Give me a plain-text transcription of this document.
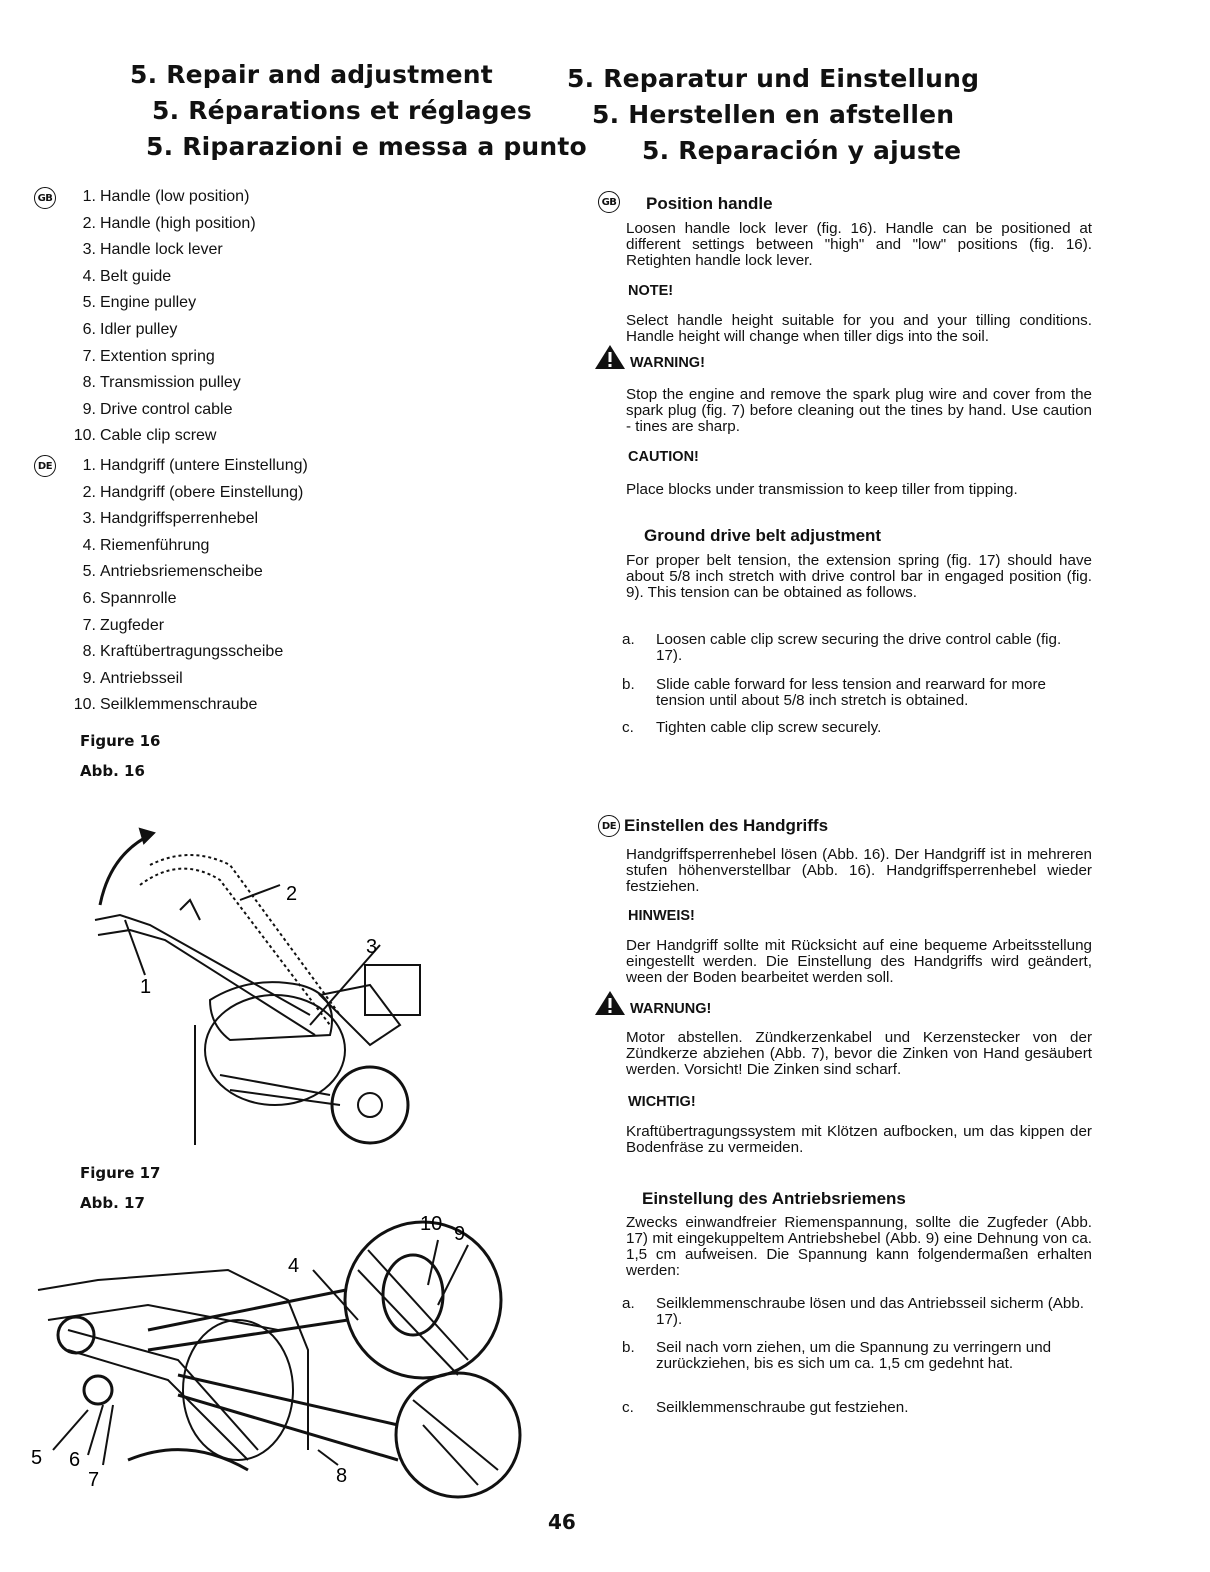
5. Repair and adjustment	5. Reparatur und Einstellung
5. Réparations et réglages 5. Herstellen en afstellen
5. Riparazioni e messa a punto 5. Reparación y ajuste
GB	1. Handle (low position)
2. Handle (high position)
3. Handle lock lever
4. Belt guide
5. Engine pulley
6. Idler pulley
7. Extention spring
8. Transmission pulley
9. Drive control cable
10. Cable clip screw
DE	1. Handgriff (untere Einstellung)
2. Handgriff (obere Einstellung)
3. Handgriffsperrenhebel
4. Riemenführung
5. Antriebsriemenscheibe
6. Spannrolle
7. Zugfeder
8. Kraftübertragungsscheibe
9. Antriebsseil
10. Seilklemmenschraube
Figure 16
Abb. 16
1
2
3
Figure 17
Abb. 17
4
5 6
7	8
9
10
GB Position handle
Loosen handle lock lever (fig. 16). Handle can be positioned at different settings between "high" and "low" positions (fig. 16). Retighten handle lock lever.
NOTE!
Select handle height suitable for you and your tilling conditions. Handle height will change when tiller digs into the soil.
WARNING!
Stop the engine and remove the spark plug wire and cover from the spark plug (fig. 7) before cleaning out the tines by hand. Use caution - tines are sharp.
CAUTION!
Place blocks under transmission to keep tiller from tipping.
Ground drive belt adjustment
For proper belt tension, the extension spring (fig. 17) should have about 5/8 inch stretch with drive control bar in engaged position (fig. 9). This tension can be obtained as follows.
a. Loosen cable clip screw securing the drive control cable (fig. 17).
b. Slide cable forward for less tension and rearward for more tension until about 5/8 inch stretch is obtained.
c. Tighten cable clip screw securely.
DE Einstellen des Handgriffs
Handgriffsperrenhebel lösen (Abb. 16). Der Handgriff ist in mehreren stufen höhenverstellbar (Abb. 16). Handgriffsperrenhebel wieder festziehen.
HINWEIS!
Der Handgriff sollte mit Rücksicht auf eine bequeme Arbeitsstellung eingestellt werden. Die Einstellung des Handgriffs wird geändert, ween der Boden bearbeitet werden soll.
WARNUNG!
Motor abstellen. Zündkerzenkabel und Kerzenstecker von der Zündkerze abziehen (Abb. 7), bevor die Zinken von Hand gesäubert werden. Vorsicht! Die Zinken sind scharf.
WICHTIG!
Kraftübertragungssystem mit Klötzen aufbocken, um das kippen der Bodenfräse zu vermeiden.
Einstellung des Antriebsriemens
Zwecks einwandfreier Riemenspannung, sollte die Zugfeder (Abb. 17) mit eingekuppeltem Antriebshebel (Abb. 9) eine Dehnung von ca. 1,5 cm aufweisen. Die Spannung kann folgendermaßen erhalten werden:
a. Seilklemmenschraube lösen und das Antriebsseil sicherm (Abb. 17).
b. Seil nach vorn ziehen, um die Spannung zu verringern und zurückziehen, bis es sich um ca. 1,5 cm gedehnt hat.
c. Seilklemmenschraube gut festziehen.
46
